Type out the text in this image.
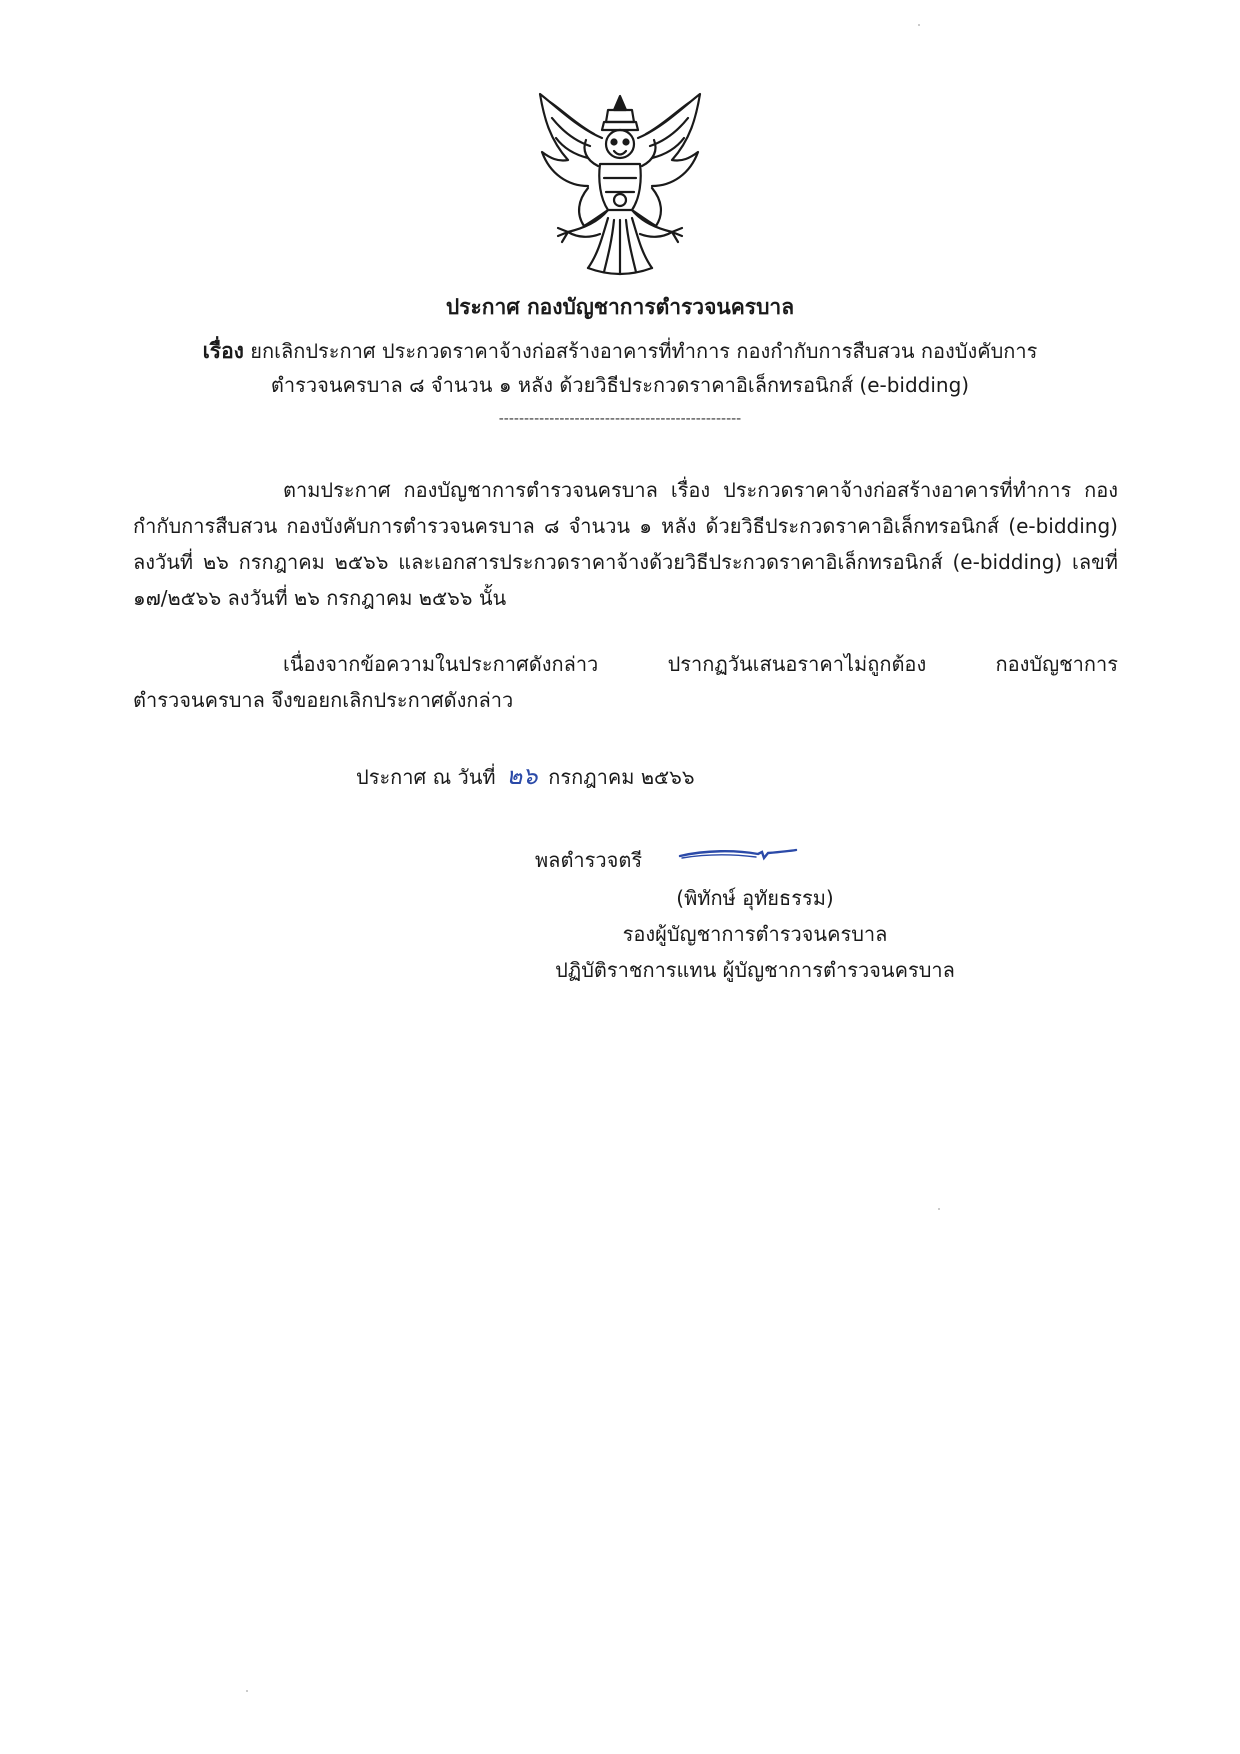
ประกาศ กองบัญชาการตำรวจนครบาล
เรื่อง ยกเลิกประกาศ ประกวดราคาจ้างก่อสร้างอาคารที่ทำการ กองกำกับการสืบสวน กองบังคับการ
ตำรวจนครบาล ๘ จำนวน ๑ หลัง ด้วยวิธีประกวดราคาอิเล็กทรอนิกส์ (e-bidding)
------------------------------------------------
ตามประกาศ กองบัญชาการตำรวจนครบาล เรื่อง ประกวดราคาจ้างก่อสร้างอาคารที่ทำการ กองกำกับการสืบสวน กองบังคับการตำรวจนครบาล ๘ จำนวน ๑ หลัง ด้วยวิธีประกวดราคาอิเล็กทรอนิกส์ (e-bidding) ลงวันที่ ๒๖ กรกฎาคม ๒๕๖๖ และเอกสารประกวดราคาจ้างด้วยวิธีประกวดราคาอิเล็กทรอนิกส์ (e-bidding) เลขที่ ๑๗/๒๕๖๖ ลงวันที่ ๒๖ กรกฎาคม ๒๕๖๖ นั้น
เนื่องจากข้อความในประกาศดังกล่าว ปรากฏวันเสนอราคาไม่ถูกต้อง กองบัญชาการตำรวจนครบาล จึงขอยกเลิกประกาศดังกล่าว
ประกาศ ณ วันที่ ๒๖ กรกฎาคม ๒๕๖๖
พลตำรวจตรี
(พิทักษ์ อุทัยธรรม)
รองผู้บัญชาการตำรวจนครบาล
ปฏิบัติราชการแทน ผู้บัญชาการตำรวจนครบาล
